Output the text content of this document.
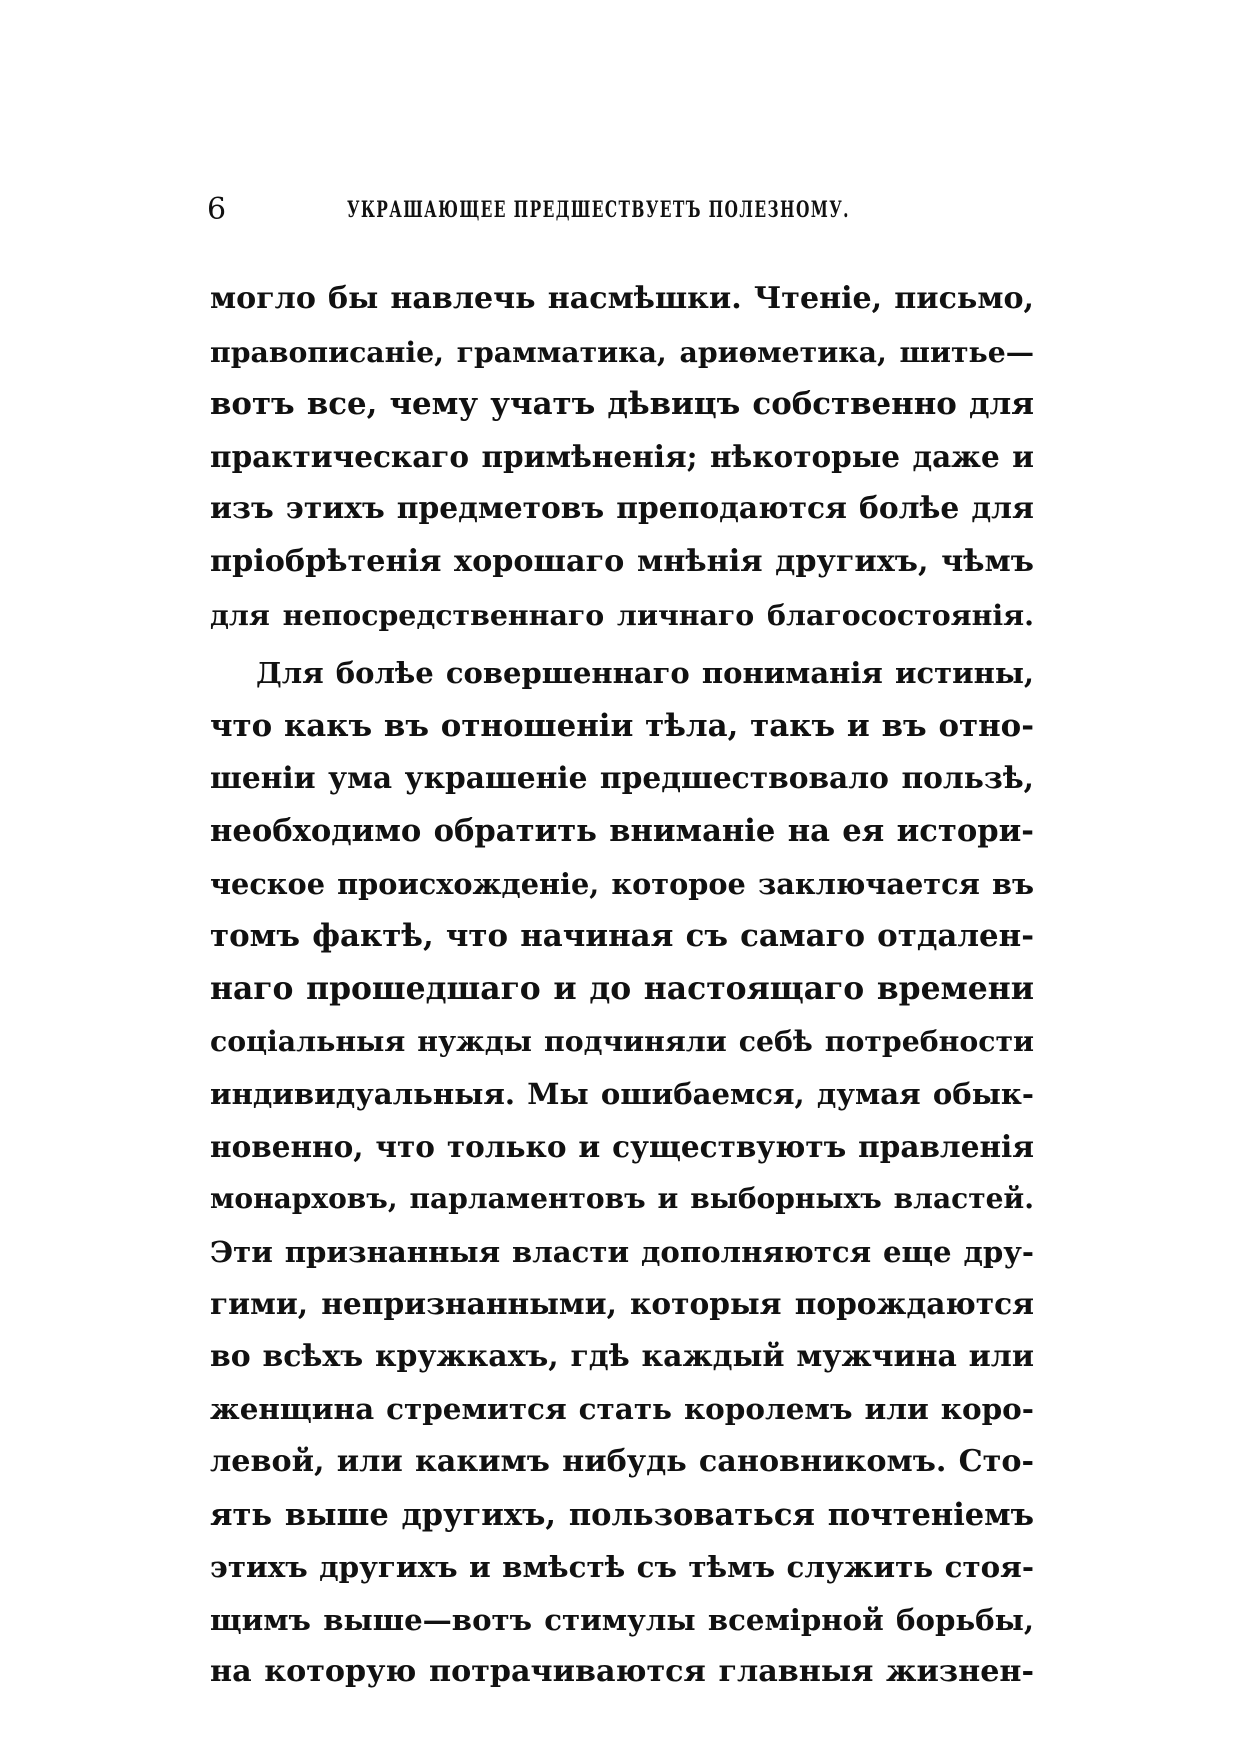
6	УКРАШАЮЩЕЕ ПРЕДШЕСТВУЕТЪ ПОЛЕЗНОМУ.
могло бы навлечь насмѣшки. Чтеніе, письмо,
правописаніе, грамматика, ариѳметика, шитье—
вотъ все, чему учатъ дѣвицъ собственно для
практическаго примѣненія; нѣкоторые даже и
изъ этихъ предметовъ преподаются болѣе для
пріобрѣтенія хорошаго мнѣнія другихъ, чѣмъ
для непосредственнаго личнаго благосостоянія.
Для болѣе совершеннаго пониманія истины,
что какъ въ отношеніи тѣла, такъ и въ отно-
шеніи ума украшеніе предшествовало пользѣ,
необходимо обратить вниманіе на ея истори-
ческое происхожденіе, которое заключается въ
томъ фактѣ, что начиная съ самаго отдален-
наго прошедшаго и до настоящаго времени
соціальныя нужды подчиняли себѣ потребности
индивидуальныя. Мы ошибаемся, думая обык-
новенно, что только и существуютъ правленія
монарховъ, парламентовъ и выборныхъ властей.
Эти признанныя власти дополняются еще дру-
гими, непризнанными, которыя порождаются
во всѣхъ кружкахъ, гдѣ каждый мужчина или
женщина стремится стать королемъ или коро-
левой, или какимъ нибудь сановникомъ. Сто-
ять выше другихъ, пользоваться почтеніемъ
этихъ другихъ и вмѣстѣ съ тѣмъ служить стоя-
щимъ выше—вотъ стимулы всемірной борьбы,
на которую потрачиваются главныя жизнен-
